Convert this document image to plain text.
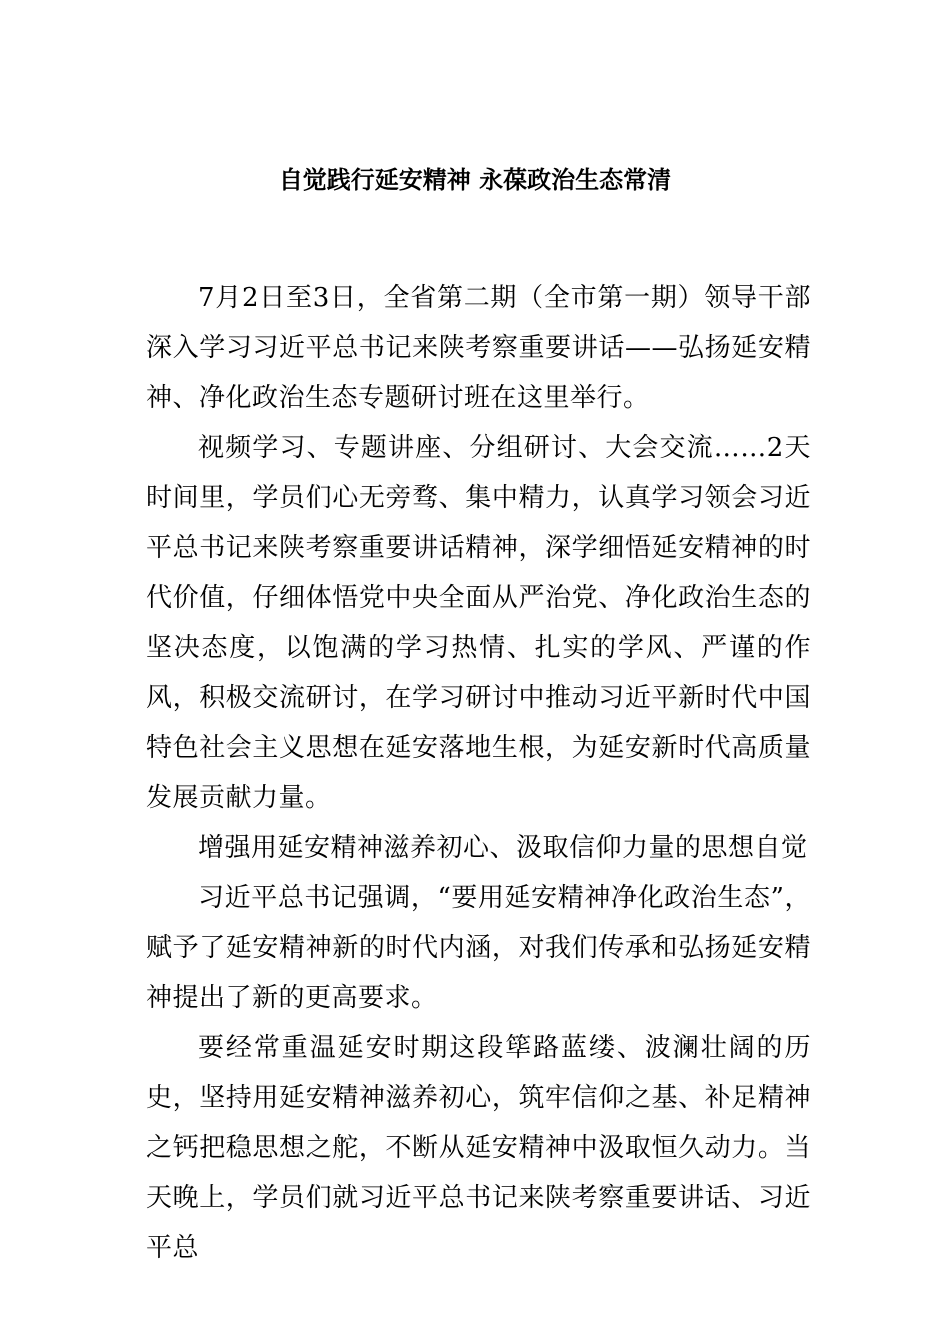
自觉践行延安精神 永葆政治生态常清

7月2日至3日，全省第二期（全市第一期）领导干部深入学习习近平总书记来陕考察重要讲话——弘扬延安精神、净化政治生态专题研讨班在这里举行。

视频学习、专题讲座、分组研讨、大会交流……2天时间里，学员们心无旁骛、集中精力，认真学习领会习近平总书记来陕考察重要讲话精神，深学细悟延安精神的时代价值，仔细体悟党中央全面从严治党、净化政治生态的坚决态度，以饱满的学习热情、扎实的学风、严谨的作风，积极交流研讨，在学习研讨中推动习近平新时代中国特色社会主义思想在延安落地生根，为延安新时代高质量发展贡献力量。

增强用延安精神滋养初心、汲取信仰力量的思想自觉

习近平总书记强调，“要用延安精神净化政治生态”，赋予了延安精神新的时代内涵，对我们传承和弘扬延安精神提出了新的更高要求。

要经常重温延安时期这段筚路蓝缕、波澜壮阔的历史，坚持用延安精神滋养初心，筑牢信仰之基、补足精神之钙把稳思想之舵，不断从延安精神中汲取恒久动力。当天晚上，学员们就习近平总书记来陕考察重要讲话、习近平总
